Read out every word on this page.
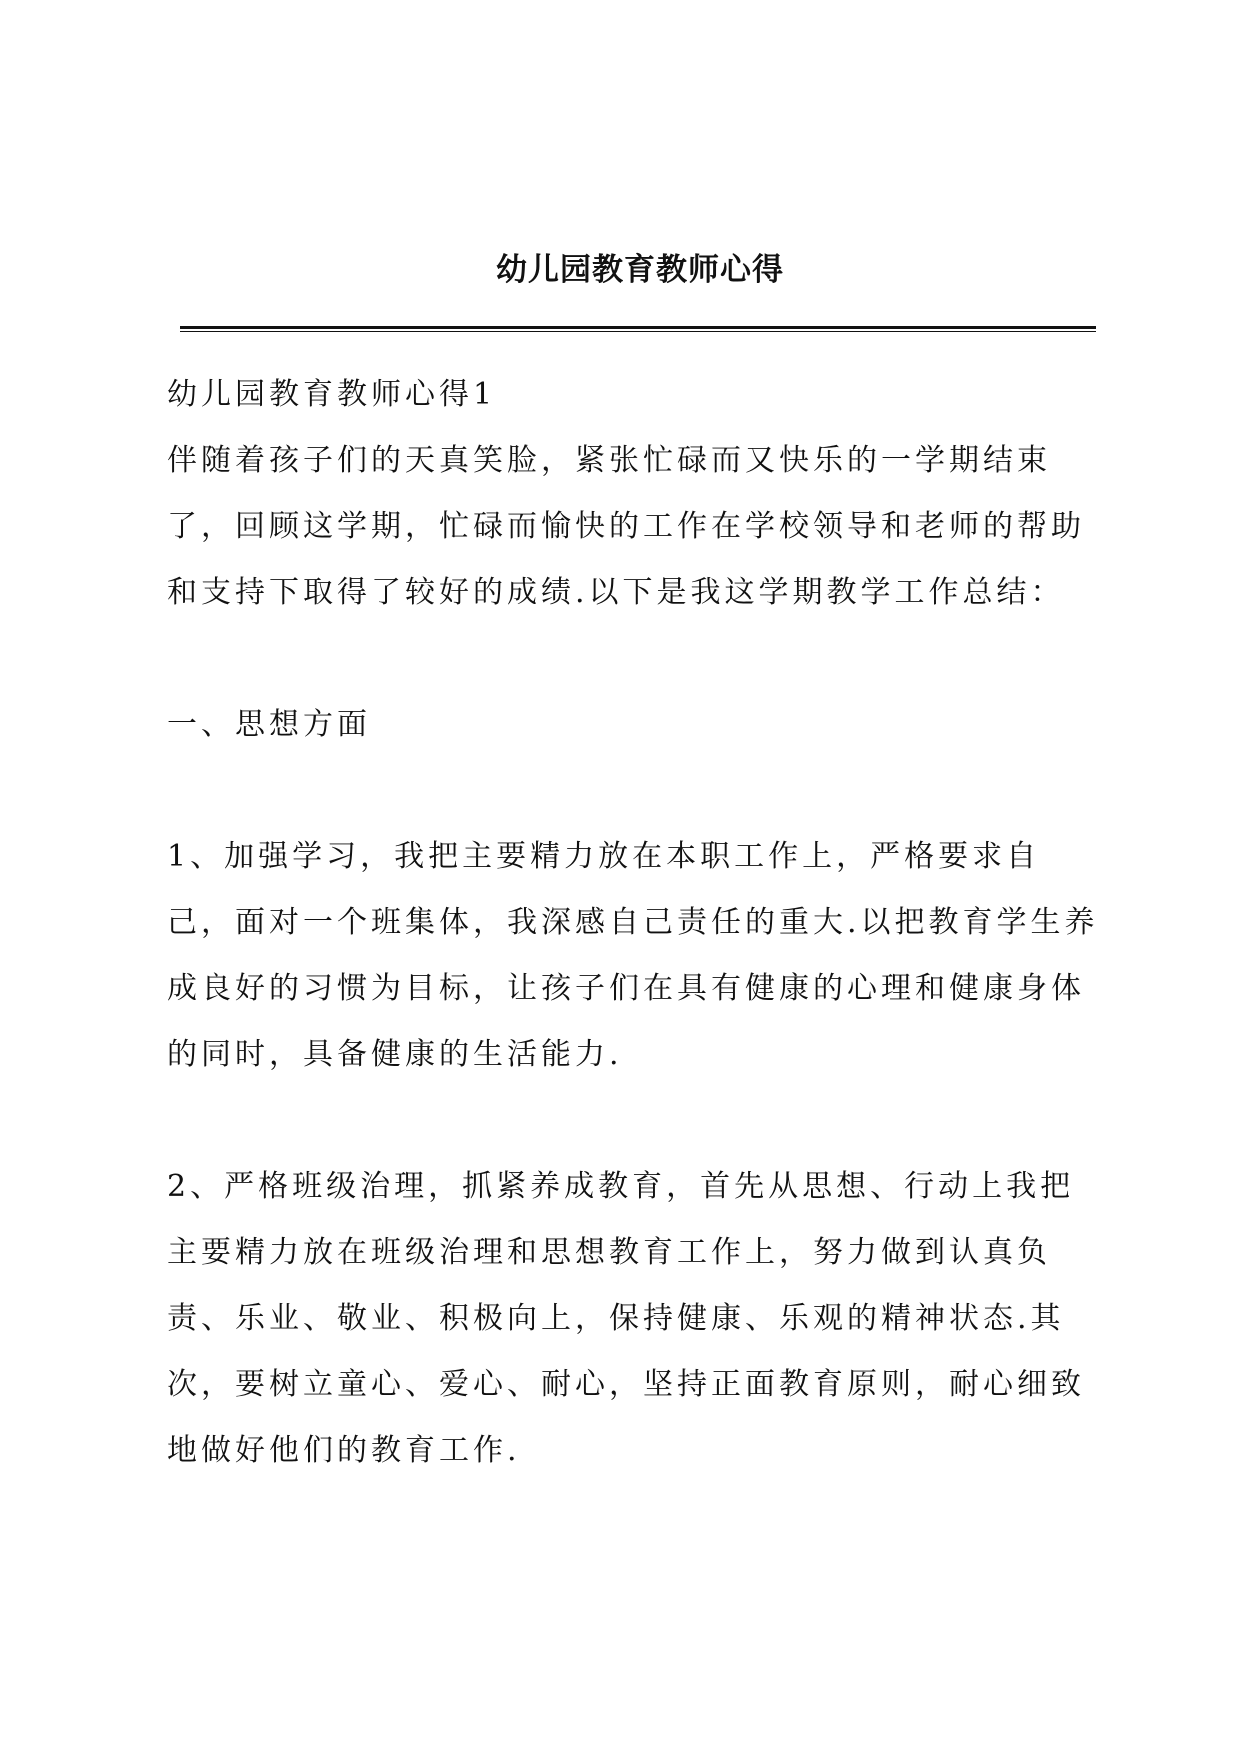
幼儿园教育教师心得

幼儿园教育教师心得1

伴随着孩子们的天真笑脸，紧张忙碌而又快乐的一学期结束了，回顾这学期，忙碌而愉快的工作在学校领导和老师的帮助和支持下取得了较好的成绩.以下是我这学期教学工作总结：

一、思想方面

1、加强学习，我把主要精力放在本职工作上，严格要求自己，面对一个班集体，我深感自己责任的重大.以把教育学生养成良好的习惯为目标，让孩子们在具有健康的心理和健康身体的同时，具备健康的生活能力.

2、严格班级治理，抓紧养成教育，首先从思想、行动上我把主要精力放在班级治理和思想教育工作上，努力做到认真负责、乐业、敬业、积极向上，保持健康、乐观的精神状态.其次，要树立童心、爱心、耐心，坚持正面教育原则，耐心细致地做好他们的教育工作.
